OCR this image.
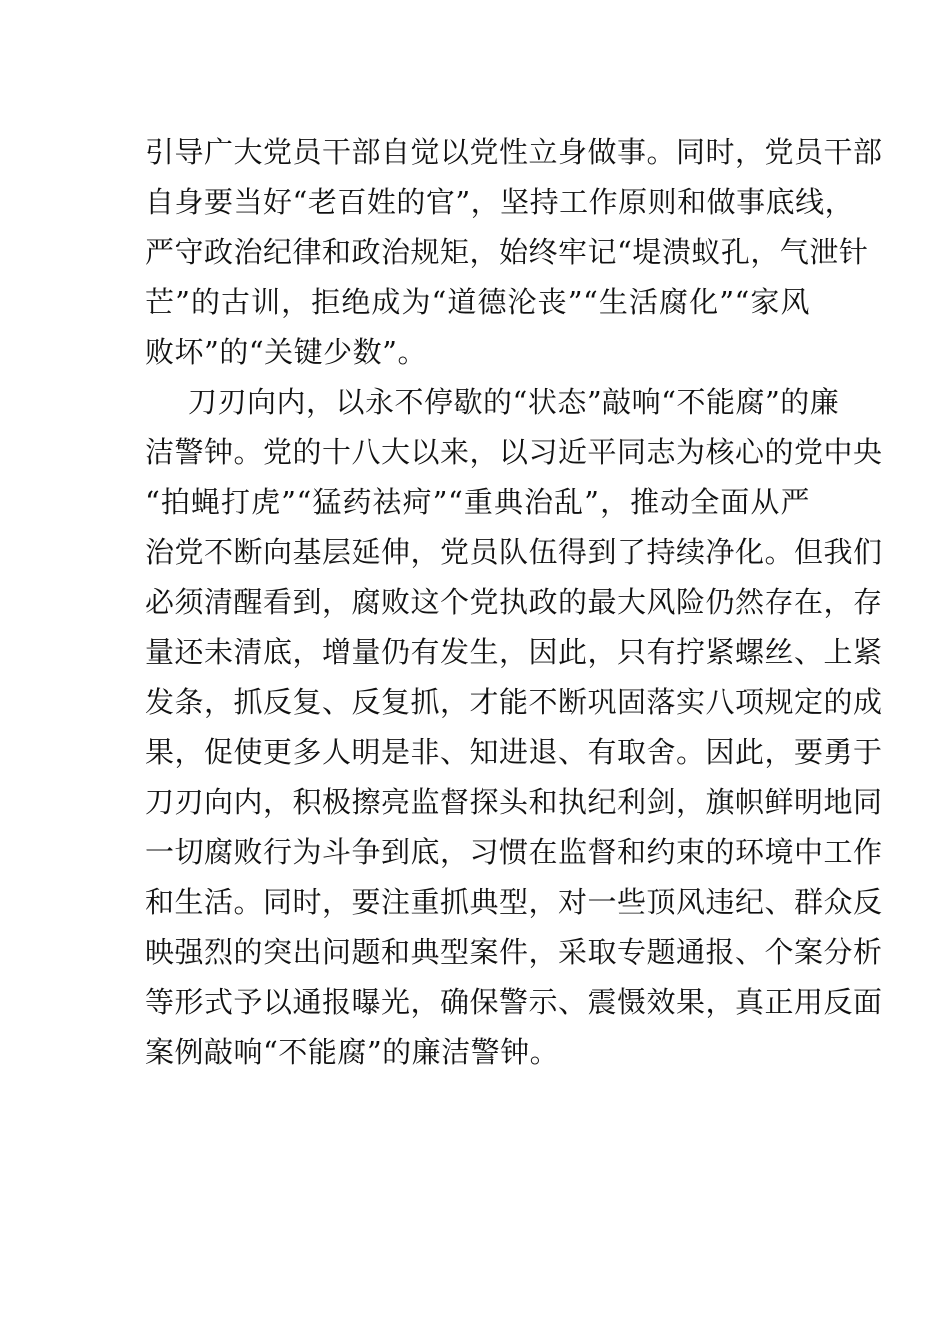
引导广大党员干部自觉以党性立身做事。同时，党员干部
自身要当好“老百姓的官”，坚持工作原则和做事底线，
严守政治纪律和政治规矩，始终牢记“堤溃蚁孔，气泄针
芒”的古训，拒绝成为“道德沦丧”“生活腐化”“家风
败坏”的“关键少数”。
刀刃向内，以永不停歇的“状态”敲响“不能腐”的廉
洁警钟。党的十八大以来，以习近平同志为核心的党中央
“拍蝇打虎”“猛药祛疴”“重典治乱”，推动全面从严
治党不断向基层延伸，党员队伍得到了持续净化。但我们
必须清醒看到，腐败这个党执政的最大风险仍然存在，存
量还未清底，增量仍有发生，因此，只有拧紧螺丝、上紧
发条，抓反复、反复抓，才能不断巩固落实八项规定的成
果，促使更多人明是非、知进退、有取舍。因此，要勇于
刀刃向内，积极擦亮监督探头和执纪利剑，旗帜鲜明地同
一切腐败行为斗争到底，习惯在监督和约束的环境中工作
和生活。同时，要注重抓典型，对一些顶风违纪、群众反
映强烈的突出问题和典型案件，采取专题通报、个案分析
等形式予以通报曝光，确保警示、震慑效果，真正用反面
案例敲响“不能腐”的廉洁警钟。
